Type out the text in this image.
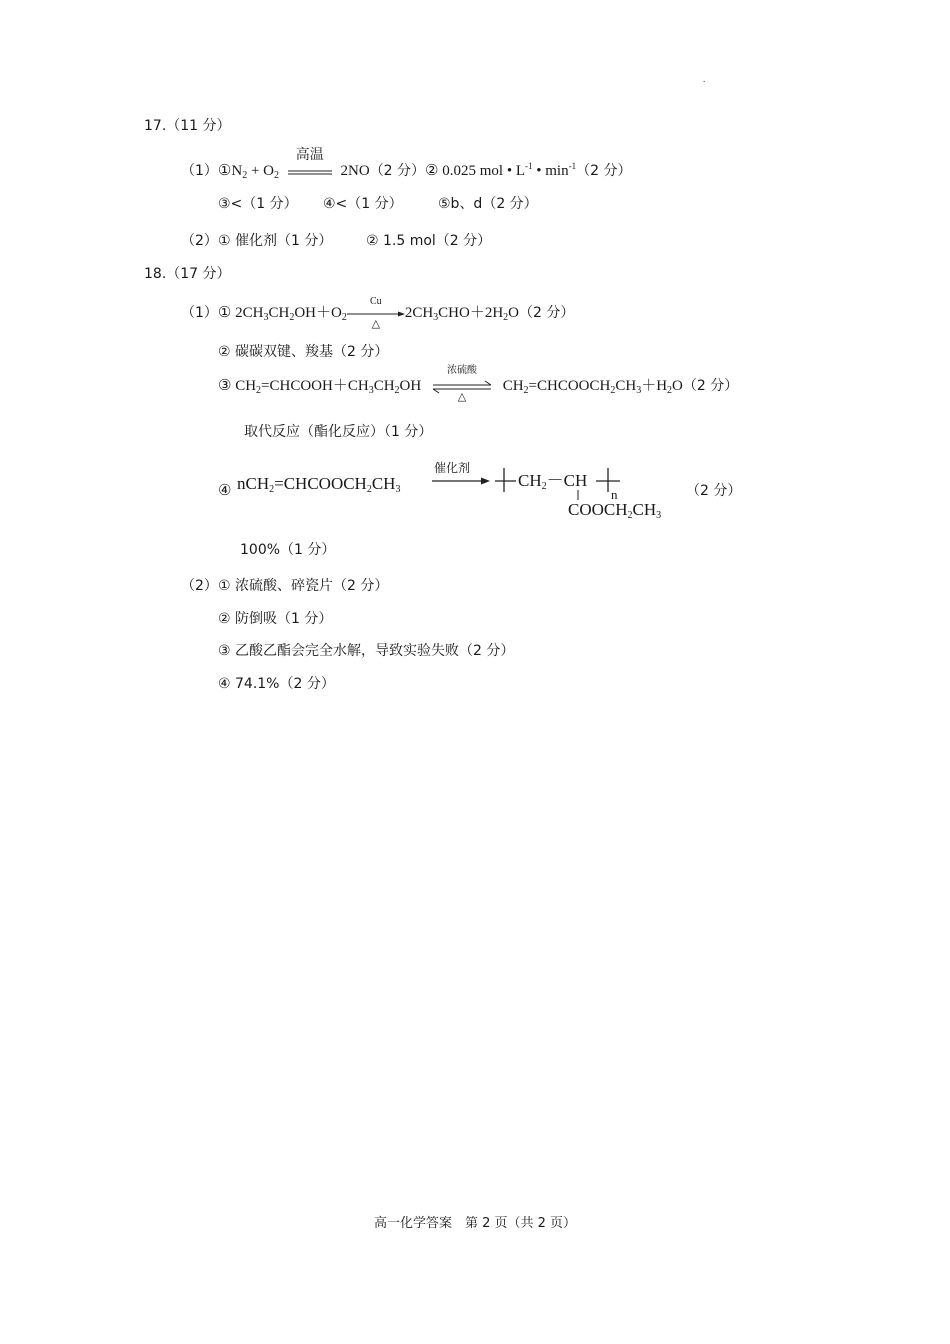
.
17.（11 分）
$(1)①N_2 + O_2$
高温
2NO（2 分）② 0.025 mol • $L^{-1}$ • $\min^{-1}(2$ 分）
③<（1 分） ④<（1 分）	⑤b、d（2 分）
（2） ① 催化剂（1 分） ② 1.5 mol（2 分）
18.（17 分）
（1）① $2CH_3CH_2OH+O_2$
Cu
△
$2CH_3CHO+2H_2O(2$ 分）
② 碳碳双键、羧基（2 分）
③ $CH_2=CHCOOH+CH_3CH_2OH$
浓硫酸
△
$CH_2=CHCOOCH_2CH_3+H_2O(2$ 分）
取代反应（酯化反应）（1 分）
④ $nCH_2=CHCOOCH_2CH_3$
催化剂
$CH_2-CH$
n
$COOCH_2CH_3$
（2 分）
100%（1 分）
（2） ① 浓硫酸、碎瓷片（2 分）
② 防倒吸（1 分）
③ 乙酸乙酯会完全水解，导致实验失败（2 分）
④ 74.1%（2 分）
高一化学答案　第 2 页（共 2 页）
